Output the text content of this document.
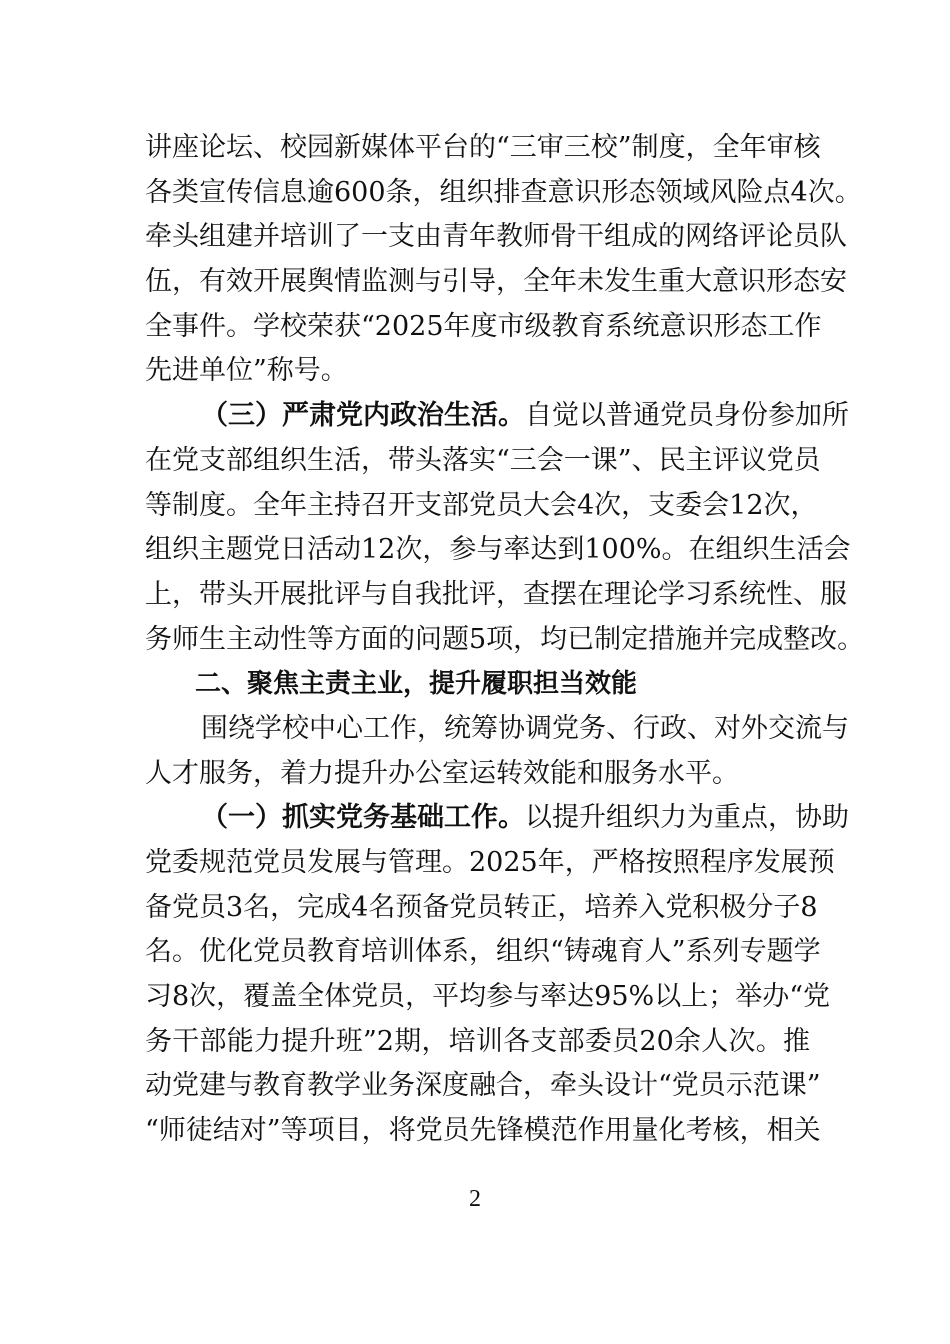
讲座论坛、校园新媒体平台的“三审三校”制度，全年审核
各类宣传信息逾600条，组织排查意识形态领域风险点4次。
牵头组建并培训了一支由青年教师骨干组成的网络评论员队
伍，有效开展舆情监测与引导，全年未发生重大意识形态安
全事件。学校荣获“2025年度市级教育系统意识形态工作
先进单位”称号。
（三）严肃党内政治生活。自觉以普通党员身份参加所
在党支部组织生活，带头落实“三会一课”、民主评议党员
等制度。全年主持召开支部党员大会4次，支委会12次，
组织主题党日活动12次，参与率达到100%。在组织生活会
上，带头开展批评与自我批评，查摆在理论学习系统性、服
务师生主动性等方面的问题5项，均已制定措施并完成整改。
二、聚焦主责主业，提升履职担当效能
围绕学校中心工作，统筹协调党务、行政、对外交流与
人才服务，着力提升办公室运转效能和服务水平。
（一）抓实党务基础工作。以提升组织力为重点，协助
党委规范党员发展与管理。2025年，严格按照程序发展预
备党员3名，完成4名预备党员转正，培养入党积极分子8
名。优化党员教育培训体系，组织“铸魂育人”系列专题学
习8次，覆盖全体党员，平均参与率达95%以上；举办“党
务干部能力提升班”2期，培训各支部委员20余人次。推
动党建与教育教学业务深度融合，牵头设计“党员示范课”
“师徒结对”等项目，将党员先锋模范作用量化考核，相关
2
